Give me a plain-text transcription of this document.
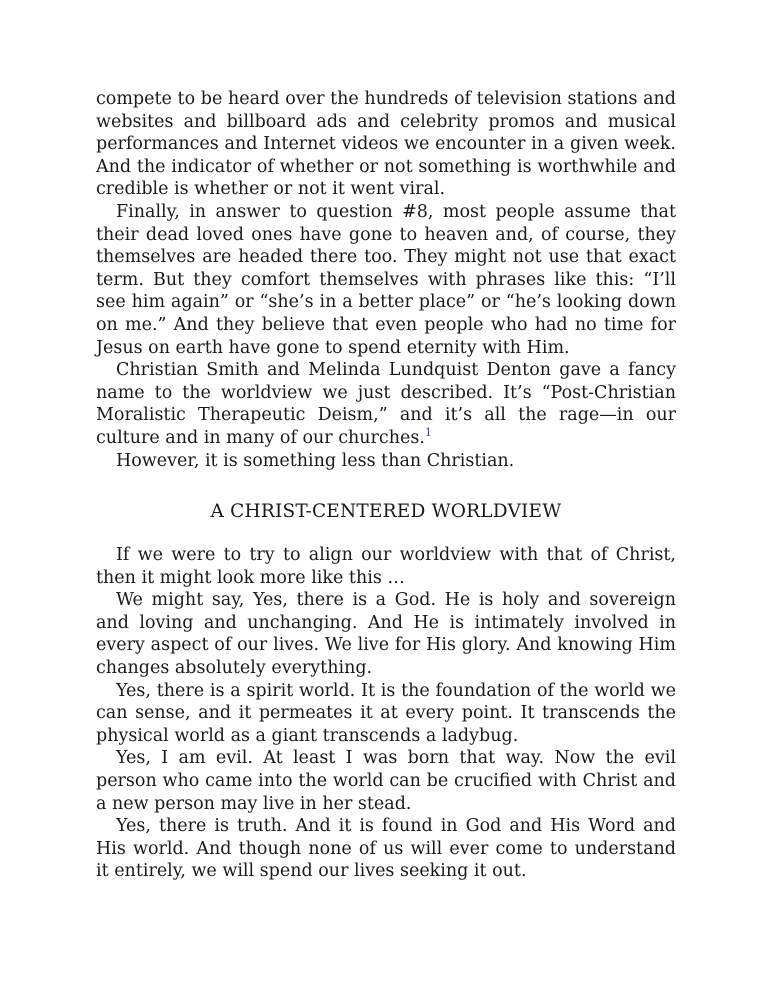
compete to be heard over the hundreds of television stations and websites and billboard ads and celebrity promos and musical performances and Internet videos we encounter in a given week. And the indicator of whether or not something is worthwhile and credible is whether or not it went viral.

Finally, in answer to question #8, most people assume that their dead loved ones have gone to heaven and, of course, they themselves are headed there too. They might not use that exact term. But they comfort themselves with phrases like this: “I’ll see him again” or “she’s in a better place” or “he’s looking down on me.” And they believe that even people who had no time for Jesus on earth have gone to spend eternity with Him.

Christian Smith and Melinda Lundquist Denton gave a fancy name to the worldview we just described. It’s “Post-Christian Moralistic Therapeutic Deism,” and it’s all the rage—in our culture and in many of our churches.$^1$

However, it is something less than Christian.

A CHRIST-CENTERED WORLDVIEW

If we were to try to align our worldview with that of Christ, then it might look more like this …

We might say, Yes, there is a God. He is holy and sovereign and loving and unchanging. And He is intimately involved in every aspect of our lives. We live for His glory. And knowing Him changes absolutely everything.

Yes, there is a spirit world. It is the foundation of the world we can sense, and it permeates it at every point. It transcends the physical world as a giant transcends a ladybug.

Yes, I am evil. At least I was born that way. Now the evil person who came into the world can be crucified with Christ and a new person may live in her stead.

Yes, there is truth. And it is found in God and His Word and His world. And though none of us will ever come to understand it entirely, we will spend our lives seeking it out.
